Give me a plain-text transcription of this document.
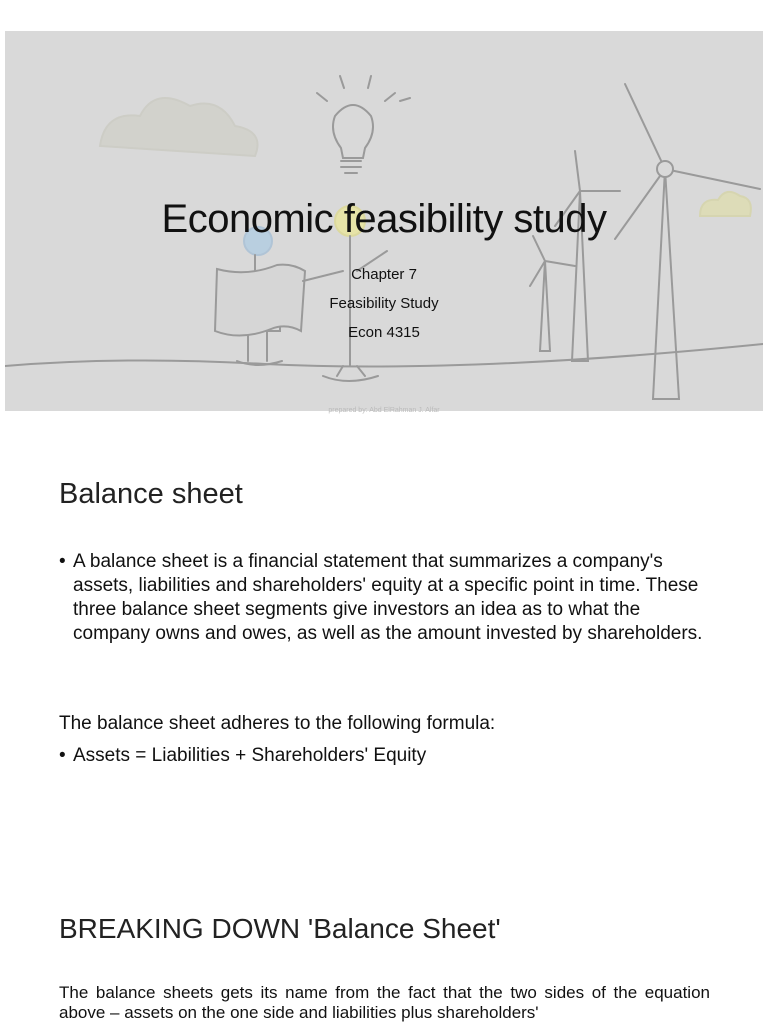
Economic feasibility study
Chapter 7
Feasibility Study
Econ 4315
prepared by: Abd ElRahman J. Alfar
Balance sheet
• A balance sheet is a financial statement that summarizes a company's assets, liabilities and shareholders' equity at a specific point in time. These three balance sheet segments give investors an idea as to what the company owns and owes, as well as the amount invested by shareholders.
The balance sheet adheres to the following formula:
• Assets = Liabilities + Shareholders' Equity
BREAKING DOWN 'Balance Sheet'
The balance sheets gets its name from the fact that the two sides of the equation above – assets on the one side and liabilities plus shareholders'
